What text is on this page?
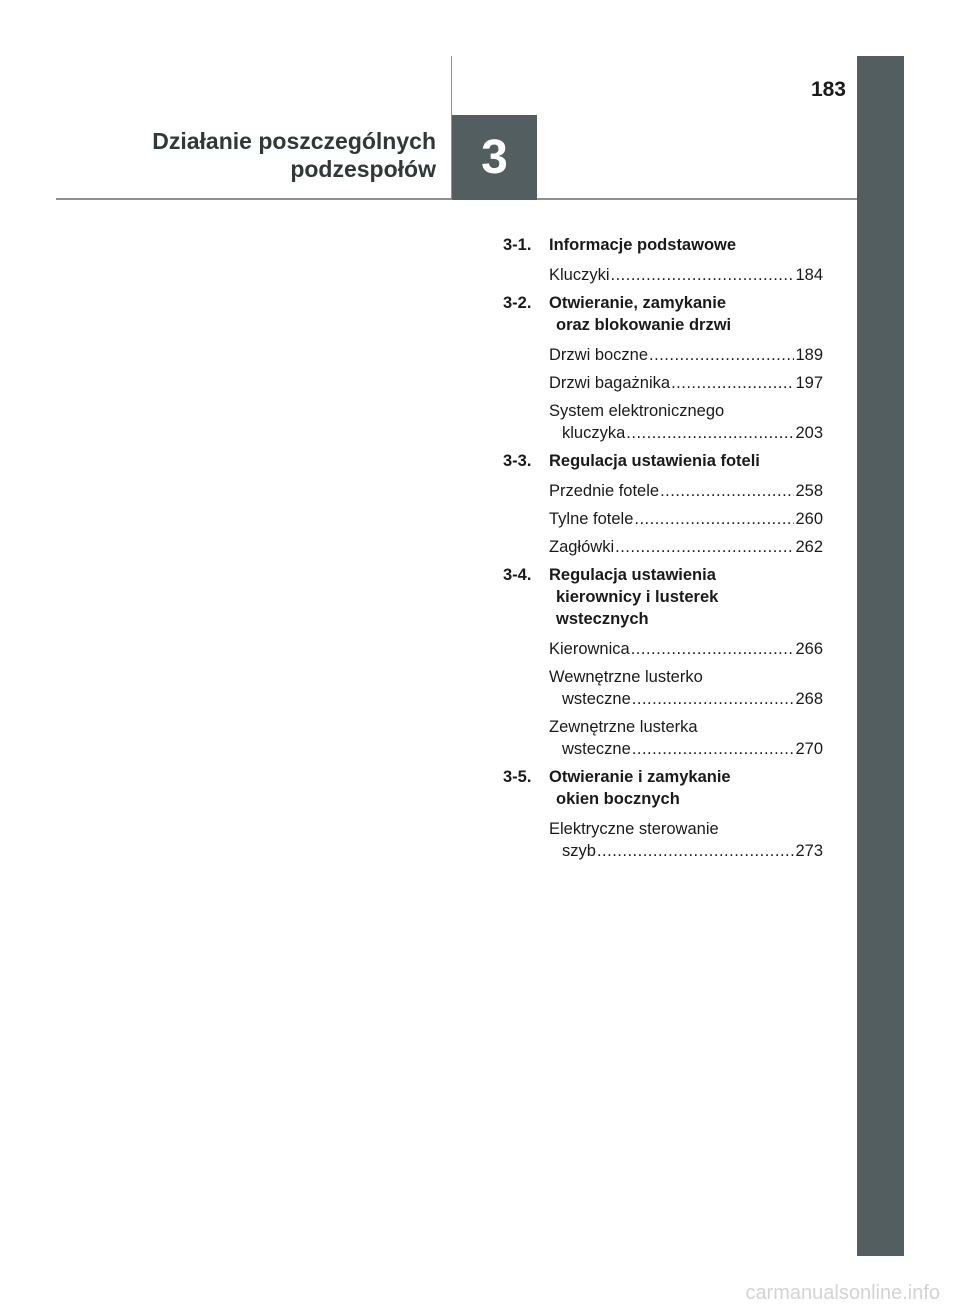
183
Działanie poszczególnych
podzespołów 3
3-1.	Informacje podstawowe
Kluczyki .....	184
3-2.	Otwieranie, zamykanie
oraz blokowanie drzwi
Drzwi boczne .....	189
Drzwi bagażnika .....	197
System elektronicznego
kluczyka .....	203
3-3.	Regulacja ustawienia foteli
Przednie fotele .....	258
Tylne fotele .....	260
Zagłówki .....	262
3-4.	Regulacja ustawienia
kierownicy i lusterek
wstecznych
Kierownica .....	266
Wewnętrzne lusterko
wsteczne .....	268
Zewnętrzne lusterka
wsteczne .....	270
3-5.	Otwieranie i zamykanie
okien bocznych
Elektryczne sterowanie
szyb .....	273
carmanualsonline.info
